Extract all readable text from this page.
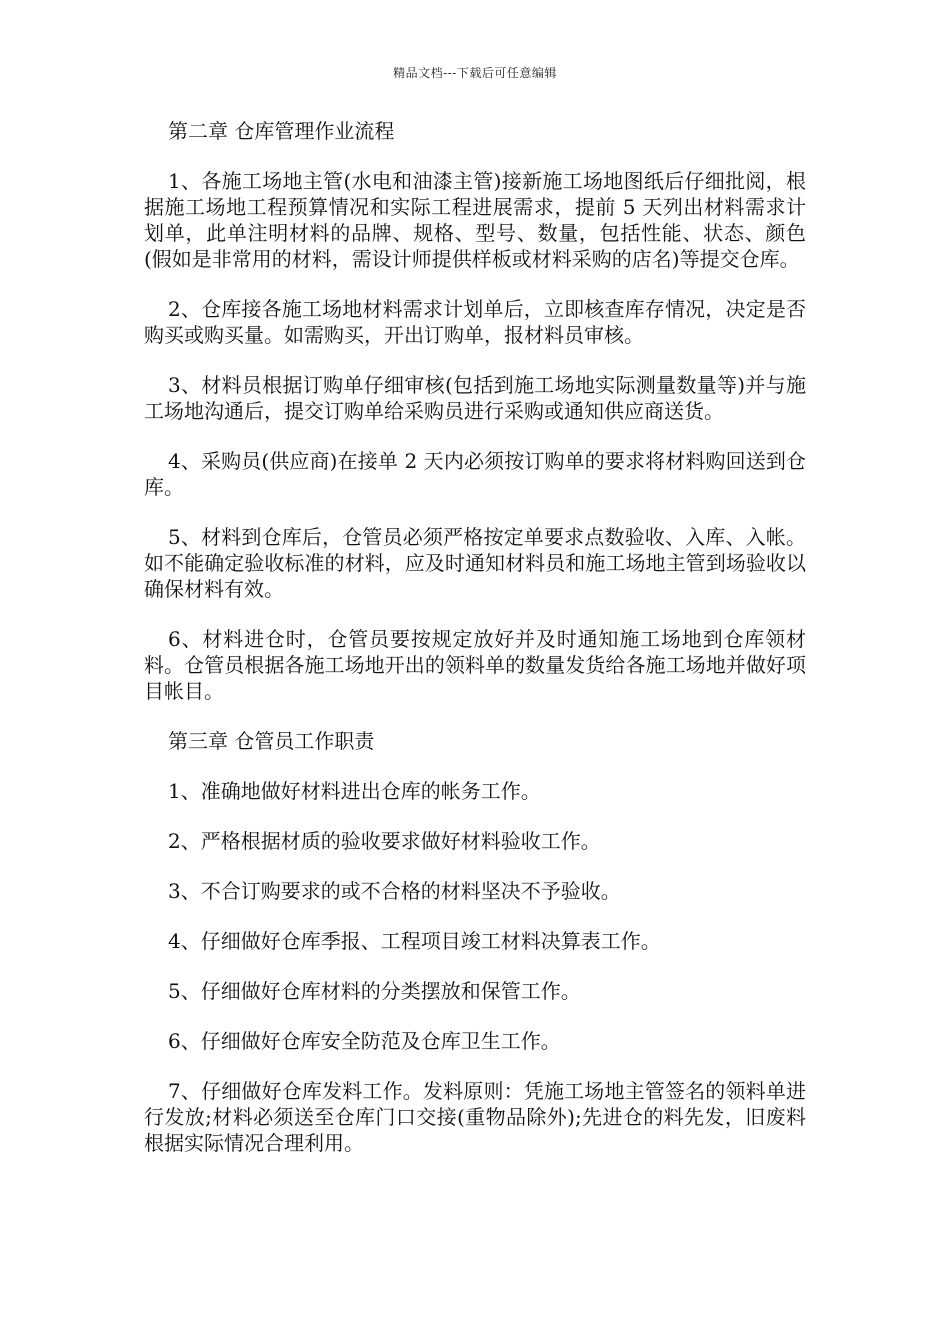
精品文档---下载后可任意编辑

第二章 仓库管理作业流程

1、各施工场地主管(水电和油漆主管)接新施工场地图纸后仔细批阅，根据施工场地工程预算情况和实际工程进展需求，提前 5 天列出材料需求计划单，此单注明材料的品牌、规格、型号、数量，包括性能、状态、颜色(假如是非常用的材料，需设计师提供样板或材料采购的店名)等提交仓库。

2、仓库接各施工场地材料需求计划单后，立即核查库存情况，决定是否购买或购买量。如需购买，开出订购单，报材料员审核。

3、材料员根据订购单仔细审核(包括到施工场地实际测量数量等)并与施工场地沟通后，提交订购单给采购员进行采购或通知供应商送货。

4、采购员(供应商)在接单 2 天内必须按订购单的要求将材料购回送到仓库。

5、材料到仓库后，仓管员必须严格按定单要求点数验收、入库、入帐。如不能确定验收标准的材料，应及时通知材料员和施工场地主管到场验收以确保材料有效。

6、材料进仓时，仓管员要按规定放好并及时通知施工场地到仓库领材料。仓管员根据各施工场地开出的领料单的数量发货给各施工场地并做好项目帐目。

第三章 仓管员工作职责

1、准确地做好材料进出仓库的帐务工作。

2、严格根据材质的验收要求做好材料验收工作。

3、不合订购要求的或不合格的材料坚决不予验收。

4、仔细做好仓库季报、工程项目竣工材料决算表工作。

5、仔细做好仓库材料的分类摆放和保管工作。

6、仔细做好仓库安全防范及仓库卫生工作。

7、仔细做好仓库发料工作。发料原则：凭施工场地主管签名的领料单进行发放;材料必须送至仓库门口交接(重物品除外);先进仓的料先发，旧废料根据实际情况合理利用。
